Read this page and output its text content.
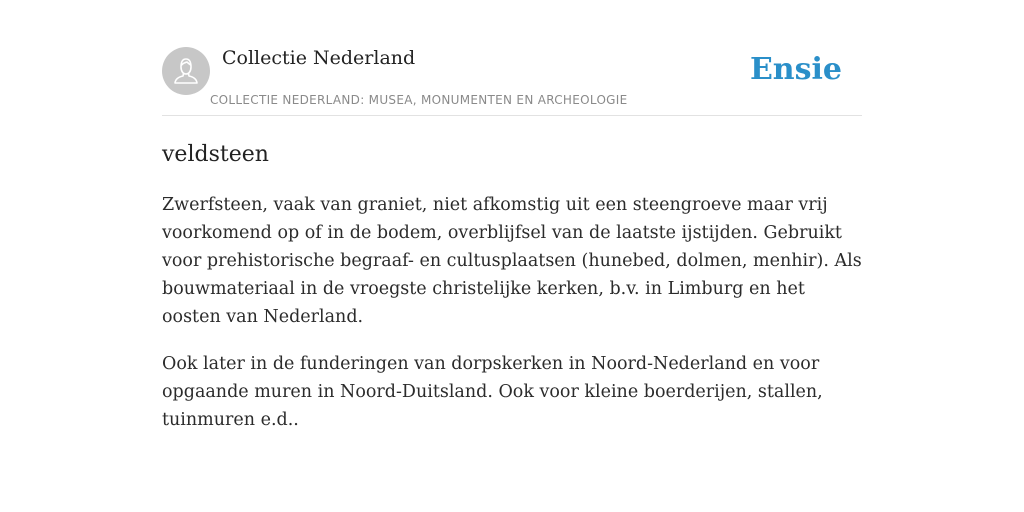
Collectie Nederland
COLLECTIE NEDERLAND: MUSEA, MONUMENTEN EN ARCHEOLOGIE
Ensie
veldsteen

Zwerfsteen, vaak van graniet, niet afkomstig uit een steengroeve maar vrij voorkomend op of in de bodem, overblijfsel van de laatste ijstijden. Gebruikt voor prehistorische begraaf- en cultusplaatsen (hunebed, dolmen, menhir). Als bouwmateriaal in de vroegste christelijke kerken, b.v. in Limburg en het oosten van Nederland.

Ook later in de funderingen van dorpskerken in Noord-Nederland en voor opgaande muren in Noord-Duitsland. Ook voor kleine boerderijen, stallen, tuinmuren e.d..
